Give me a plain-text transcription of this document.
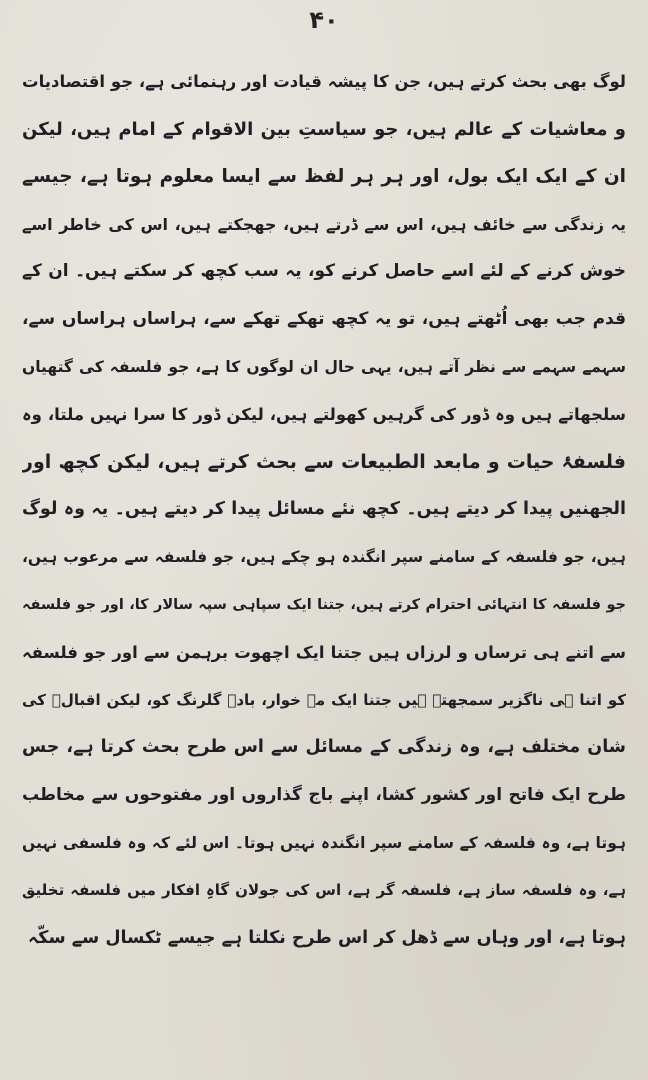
۴۰
لوگ بھی بحث کرتے ہیں، جن کا پیشہ قیادت اور رہنمائی ہے، جو اقتصادیات
و معاشیات کے عالم ہیں، جو سیاستِ بین الاقوام کے امام ہیں، لیکن
ان کے ایک ایک بول، اور ہر ہر لفظ سے ایسا معلوم ہوتا ہے، جیسے
یہ زندگی سے خائف ہیں، اس سے ڈرتے ہیں، جھجکتے ہیں، اس کی خاطر اسے
خوش کرنے کے لئے اسے حاصل کرنے کو، یہ سب کچھ کر سکتے ہیں۔ ان کے
قدم جب بھی اُٹھتے ہیں، تو یہ کچھ تھکے تھکے سے، ہراساں ہراساں سے،
سہمے سہمے سے نظر آتے ہیں، یہی حال ان لوگوں کا ہے، جو فلسفہ کی گتھیاں
سلجھاتے ہیں وہ ڈور کی گرہیں کھولتے ہیں، لیکن ڈور کا سرا نہیں ملتا، وہ
فلسفۂ حیات و مابعد الطبیعات سے بحث کرتے ہیں، لیکن کچھ اور
الجھنیں پیدا کر دیتے ہیں۔ کچھ نئے مسائل پیدا کر دیتے ہیں۔ یہ وہ لوگ
ہیں، جو فلسفہ کے سامنے سپر انگندہ ہو چکے ہیں، جو فلسفہ سے مرعوب ہیں،
جو فلسفہ کا انتہائی احترام کرتے ہیں، جتنا ایک سپاہی سپہ سالار کا، اور جو فلسفہ
سے اتنے ہی ترساں و لرزاں ہیں جتنا ایک اچھوت برہمن سے اور جو فلسفہ
کو اتنا ہی ناگزیر سمجھتے ہیں جتنا ایک مے خوار، بادۂ گلرنگ کو، لیکن اقبالؔ کی
شان مختلف ہے، وہ زندگی کے مسائل سے اس طرح بحث کرتا ہے، جس
طرح ایک فاتح اور کشور کشا، اپنے باج گذاروں اور مفتوحوں سے مخاطب
ہوتا ہے، وہ فلسفہ کے سامنے سپر انگندہ نہیں ہوتا۔ اس لئے کہ وہ فلسفی نہیں
ہے، وہ فلسفہ ساز ہے، فلسفہ گر ہے، اس کی جولان گاہِ افکار میں فلسفہ تخلیق
ہوتا ہے، اور وہاں سے ڈھل کر اس طرح نکلتا ہے جیسے ٹکسال سے سکّہ
